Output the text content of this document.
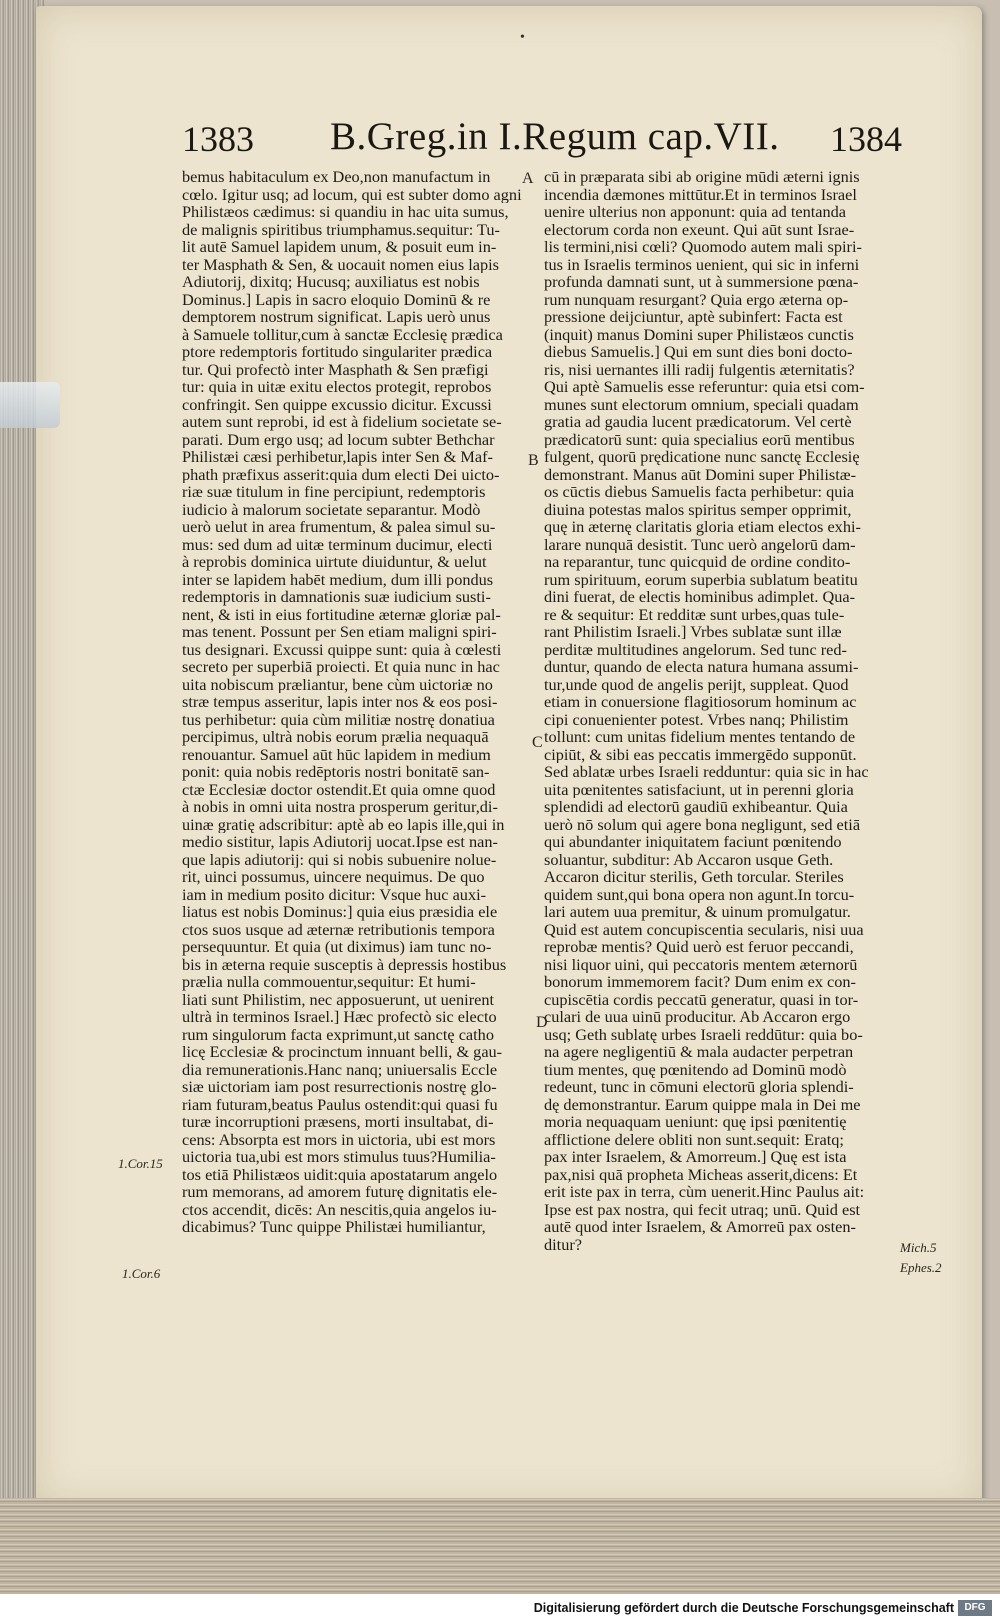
•
1383 B.Greg.in I.Regum cap.VII. 1384
bemus habitaculum ex Deo,non manufactum in
cœlo. Igitur usq; ad locum, qui est subter domo agni
Philistæos cædimus: si quandiu in hac uita sumus,
de malignis spiritibus triumphamus.sequitur: Tu-
lit autē Samuel lapidem unum, & posuit eum in-
ter Masphath & Sen, & uocauit nomen eius lapis
Adiutorij, dixitq; Hucusq; auxiliatus est nobis
Dominus.] Lapis in sacro eloquio Dominū & re
demptorem nostrum significat. Lapis uerò unus
à Samuele tollitur,cum à sanctæ Ecclesię prædica
ptore redemptoris fortitudo singulariter prædica
tur. Qui profectò inter Masphath & Sen præfigi
tur: quia in uitæ exitu electos protegit, reprobos
confringit. Sen quippe excussio dicitur. Excussi
autem sunt reprobi, id est à fidelium societate se-
parati. Dum ergo usq; ad locum subter Bethchar
Philistæi cæsi perhibetur,lapis inter Sen & Maf-
phath præfixus asserit:quia dum electi Dei uicto-
riæ suæ titulum in fine percipiunt, redemptoris
iudicio à malorum societate separantur. Modò
uerò uelut in area frumentum, & palea simul su-
mus: sed dum ad uitæ terminum ducimur, electi
à reprobis dominica uirtute diuiduntur, & uelut
inter se lapidem habēt medium, dum illi pondus
redemptoris in damnationis suæ iudicium susti-
nent, & isti in eius fortitudine æternæ gloriæ pal-
mas tenent. Possunt per Sen etiam maligni spiri-
tus designari. Excussi quippe sunt: quia à cœlesti
secreto per superbiā proiecti. Et quia nunc in hac
uita nobiscum præliantur, bene cùm uictoriæ no
stræ tempus asseritur, lapis inter nos & eos posi-
tus perhibetur: quia cùm militiæ nostrę donatiua
percipimus, ultrà nobis eorum prælia nequaquā
renouantur. Samuel aūt hūc lapidem in medium
ponit: quia nobis redēptoris nostri bonitatē san-
ctæ Ecclesiæ doctor ostendit.Et quia omne quod
à nobis in omni uita nostra prosperum geritur,di-
uinæ gratię adscribitur: aptè ab eo lapis ille,qui in
medio sistitur, lapis Adiutorij uocat.Ipse est nan-
que lapis adiutorij: qui si nobis subuenire noluе-
rit, uinci possumus, uincere nequimus. De quo
iam in medium posito dicitur: Vsque huc auxi-
liatus est nobis Dominus:] quia eius præsidia ele
ctos suos usque ad æternæ retributionis tempora
persequuntur. Et quia (ut diximus) iam tunc no-
bis in æterna requie susceptis à depressis hostibus
prælia nulla commouentur,sequitur: Et humi-
liati sunt Philistim, nec apposuerunt, ut uenirent
ultrà in terminos Israel.] Hæc profectò sic electo
rum singulorum facta exprimunt,ut sanctę catho
licę Ecclesiæ & procinctum innuant belli, & gau-
dia remunerationis.Hanc nanq; uniuersalis Eccle
siæ uictoriam iam post resurrectionis nostrę glo-
riam futuram,beatus Paulus ostendit:qui quasi fu
turæ incorruptioni præsens, morti insultabat, di-
cens: Absorpta est mors in uictoria, ubi est mors
uictoria tua,ubi est mors stimulus tuus?Humilia-
tos etiā Philistæos uidit:quia apostatarum angelo
rum memorans, ad amorem futurę dignitatis ele-
ctos accendit, dicēs: An nescitis,quia angelos iu-
dicabimus? Tunc quippe Philistæi humiliantur,
cū in præparata sibi ab origine mūdi æterni ignis
incendia dæmones mittūtur.Et in terminos Israel
uenire ulterius non apponunt: quia ad tentanda
electorum corda non exeunt. Qui aūt sunt Israe-
lis termini,nisi cœli? Quomodo autem mali spiri-
tus in Israelis terminos uenient, qui sic in inferni
profunda damnati sunt, ut à summersione pœna-
rum nunquam resurgant? Quia ergo æterna op-
pressione deijciuntur, aptè subinfert: Facta est
(inquit) manus Domini super Philistæos cunctis
diebus Samuelis.] Qui em sunt dies boni docto-
ris, nisi uernantes illi radij fulgentis æternitatis?
Qui aptè Samuelis esse referuntur: quia etsi com-
munes sunt electorum omnium, speciali quadam
gratia ad gaudia lucent prædicatorum. Vel certè
prædicatorū sunt: quia specialius eorū mentibus
fulgent, quorū prędicatione nunc sanctę Ecclesię
demonstrant. Manus aūt Domini super Philistæ-
os cūctis diebus Samuelis facta perhibetur: quia
diuina potestas malos spiritus semper opprimit,
quę in æternę claritatis gloria etiam electos exhi-
larare nunquā desistit. Tunc uerò angelorū dam-
na reparantur, tunc quicquid de ordine condito-
rum spirituum, eorum superbia sublatum beatitu
dini fuerat, de electis hominibus adimplet. Qua-
re & sequitur: Et redditæ sunt urbes,quas tule-
rant Philistim Israeli.] Vrbes sublatæ sunt illæ
perditæ multitudines angelorum. Sed tunc red-
duntur, quando de electa natura humana assumi-
tur,unde quod de angelis perijt, suppleat. Quod
etiam in conuersione flagitiosorum hominum ac
cipi conuenienter potest. Vrbes nanq; Philistim
tollunt: cum unitas fidelium mentes tentando de
cipiūt, & sibi eas peccatis immergēdo supponūt.
Sed ablatæ urbes Israeli redduntur: quia sic in hac
uita pœnitentes satisfaciunt, ut in perenni gloria
splendidi ad electorū gaudiū exhibeantur. Quia
uerò nō solum qui agere bona negligunt, sed etiā
qui abundanter iniquitatem faciunt pœnitendo
soluantur, subditur: Ab Accaron usque Geth.
Accaron dicitur sterilis, Geth torcular. Steriles
quidem sunt,qui bona opera non agunt.In torcu-
lari autem uua premitur, & uinum promulgatur.
Quid est autem concupiscentia secularis, nisi uua
reprobæ mentis? Quid uerò est feruor peccandi,
nisi liquor uini, qui peccatoris mentem æternorū
bonorum immemorem facit? Dum enim ex con-
cupiscētia cordis peccatū generatur, quasi in tor-
culari de uua uinū producitur. Ab Accaron ergo
usq; Geth sublatę urbes Israeli reddūtur: quia bo-
na agere negligentiū & mala audacter perpetran
tium mentes, quę pœnitendo ad Dominū modò
redeunt, tunc in cōmuni electorū gloria splendi-
dę demonstrantur. Earum quippe mala in Dei me
moria nequaquam ueniunt: quę ipsi pœnitentię
afflictione delere obliti non sunt.sequit: Eratq;
pax inter Israelem, & Amorreum.] Quę est ista
pax,nisi quā propheta Micheas asserit,dicens: Et
erit iste pax in terra, cùm uenerit.Hinc Paulus ait:
Ipse est pax nostra, qui fecit utraq; unū. Quid est
autē quod inter Israelem, & Amorreū pax osten-
ditur?
A
B
C
D
1.Cor.15
1.Cor.6
Mich.5
Ephes.2
Digitalisierung gefördert durch die Deutsche Forschungsgemeinschaft	DFG
